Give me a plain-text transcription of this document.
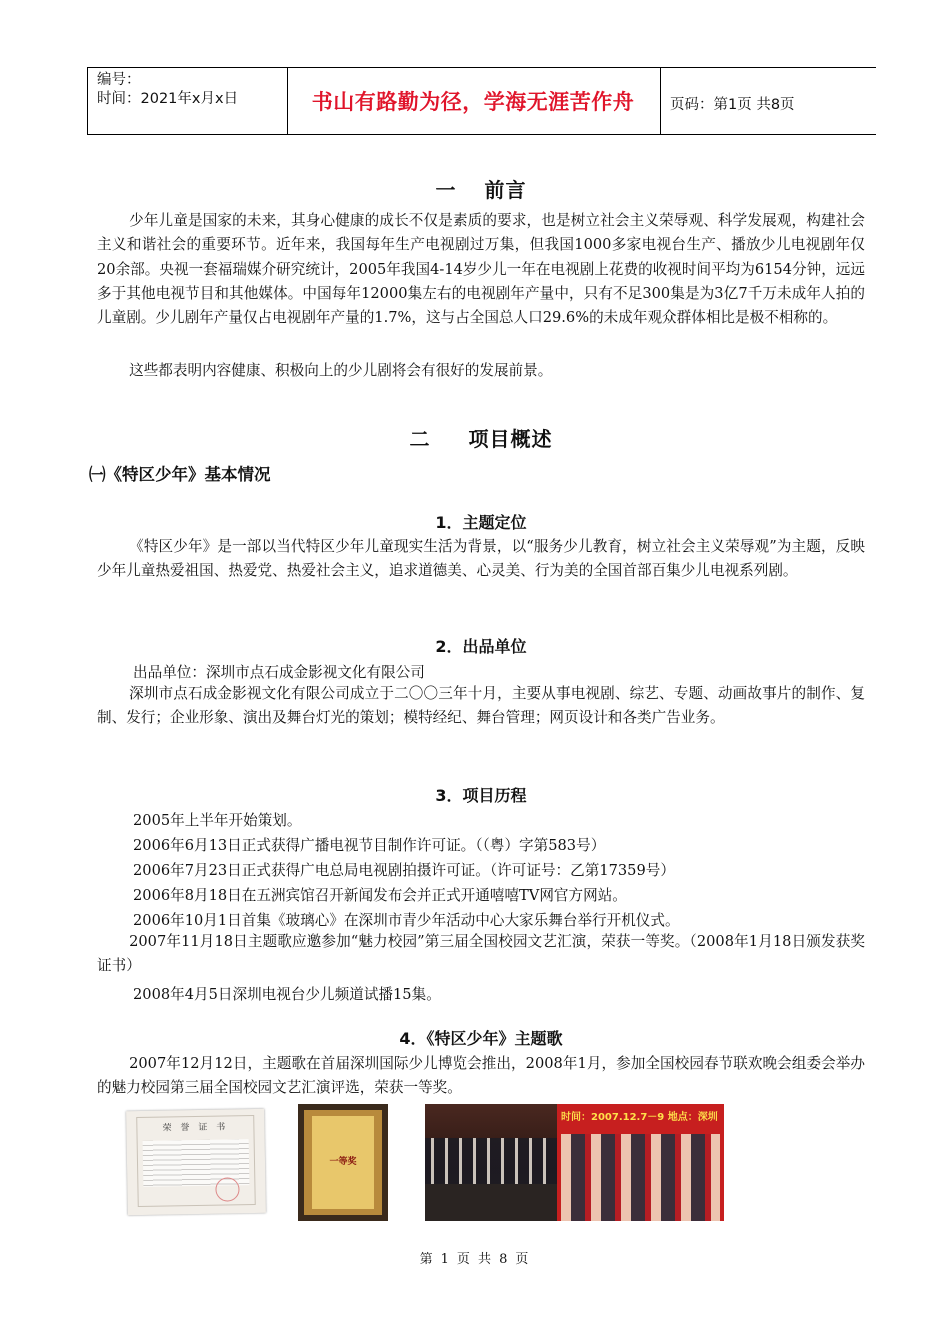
编号：
时间：2021年x月x日	书山有路勤为径，学海无涯苦作舟	页码：第1页 共8页
一 前言
少年儿童是国家的未来，其身心健康的成长不仅是素质的要求，也是树立社会主义荣辱观、科学发展观，构建社会主义和谐社会的重要环节。近年来，我国每年生产电视剧过万集，但我国1000多家电视台生产、播放少儿电视剧年仅20余部。央视一套福瑞媒介研究统计，2005年我国4-14岁少儿一年在电视剧上花费的收视时间平均为6154分钟，远远多于其他电视节目和其他媒体。中国每年12000集左右的电视剧年产量中，只有不足300集是为3亿7千万未成年人拍的儿童剧。少儿剧年产量仅占电视剧年产量的1.7%，这与占全国总人口29.6%的未成年观众群体相比是极不相称的。
这些都表明内容健康、积极向上的少儿剧将会有很好的发展前景。
二 项目概述
㈠《特区少年》基本情况
1．主题定位
《特区少年》是一部以当代特区少年儿童现实生活为背景，以“服务少儿教育，树立社会主义荣辱观”为主题，反映少年儿童热爱祖国、热爱党、热爱社会主义，追求道德美、心灵美、行为美的全国首部百集少儿电视系列剧。
2．出品单位
出品单位：深圳市点石成金影视文化有限公司
深圳市点石成金影视文化有限公司成立于二〇〇三年十月，主要从事电视剧、综艺、专题、动画故事片的制作、复制、发行；企业形象、演出及舞台灯光的策划；模特经纪、舞台管理；网页设计和各类广告业务。
3．项目历程
2005年上半年开始策划。
2006年6月13日正式获得广播电视节目制作许可证。（（粤）字第583号）
2006年7月23日正式获得广电总局电视剧拍摄许可证。（许可证号：乙第17359号）
2006年8月18日在五洲宾馆召开新闻发布会并正式开通嘻嘻TV网官方网站。
2006年10月1日首集《玻璃心》在深圳市青少年活动中心大家乐舞台举行开机仪式。
2007年11月18日主题歌应邀参加“魅力校园”第三届全国校园文艺汇演，荣获一等奖。（2008年1月18日颁发获奖证书）
2008年4月5日深圳电视台少儿频道试播15集。
4．《特区少年》主题歌
2007年12月12日，主题歌在首届深圳国际少儿博览会推出，2008年1月，参加全国校园春节联欢晚会组委会举办的魅力校园第三届全国校园文艺汇演评选，荣获一等奖。
荣 誉 证 书
一等奖
时间：2007.12.7－9 地点：深圳
第 1 页 共 8 页
